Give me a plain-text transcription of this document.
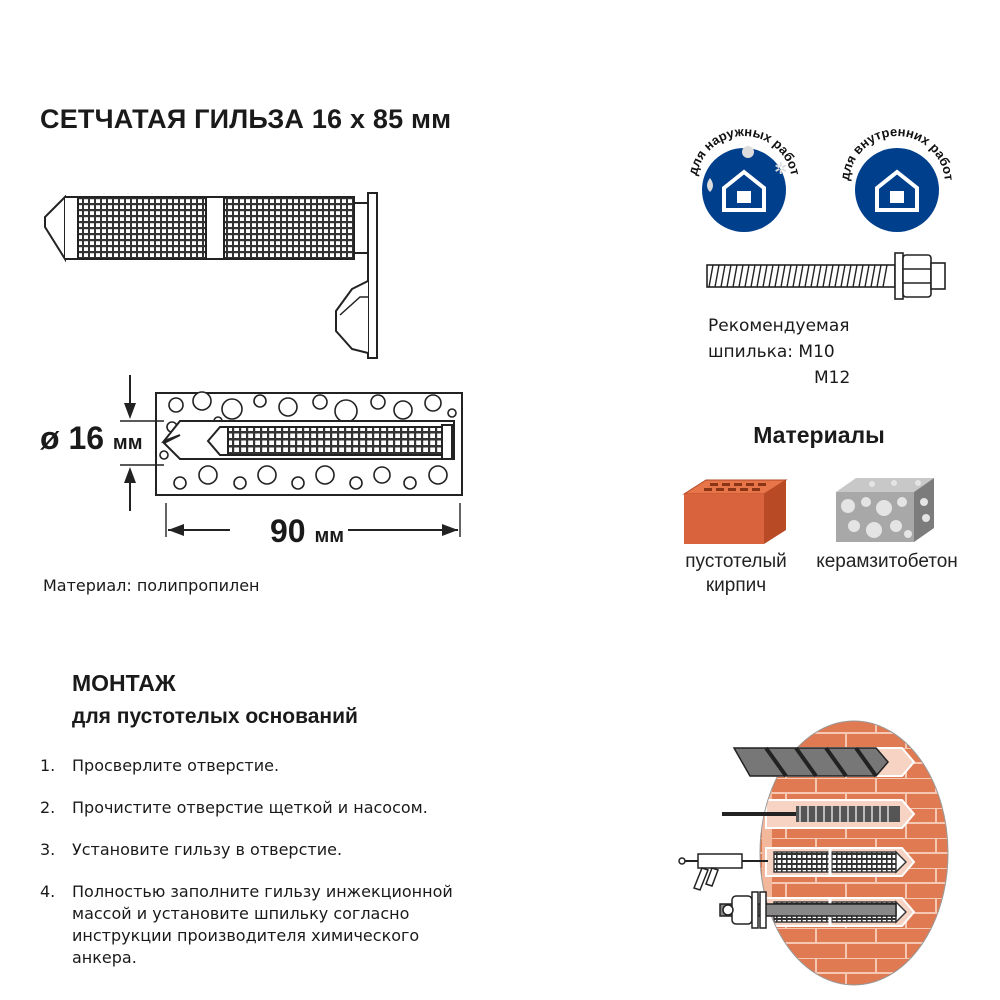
СЕТЧАТАЯ ГИЛЬЗА 16 x 85 мм
ø 16 мм
90 мм
Материал: полипропилен
для наружных работ
✲	для внутренних работ
Рекомендуемая
шпилька: M10
M12
Материалы
пустотелый
кирпич
керамзитобетон
МОНТАЖ
для пустотелых оснований
1.	Просверлите отверстие.
2.	Прочистите отверстие щеткой и насосом.
3.	Установите гильзу в отверстие.
4.	Полностью заполните гильзу инжекционной массой и установите шпильку согласно инструкции производителя химического анкера.
